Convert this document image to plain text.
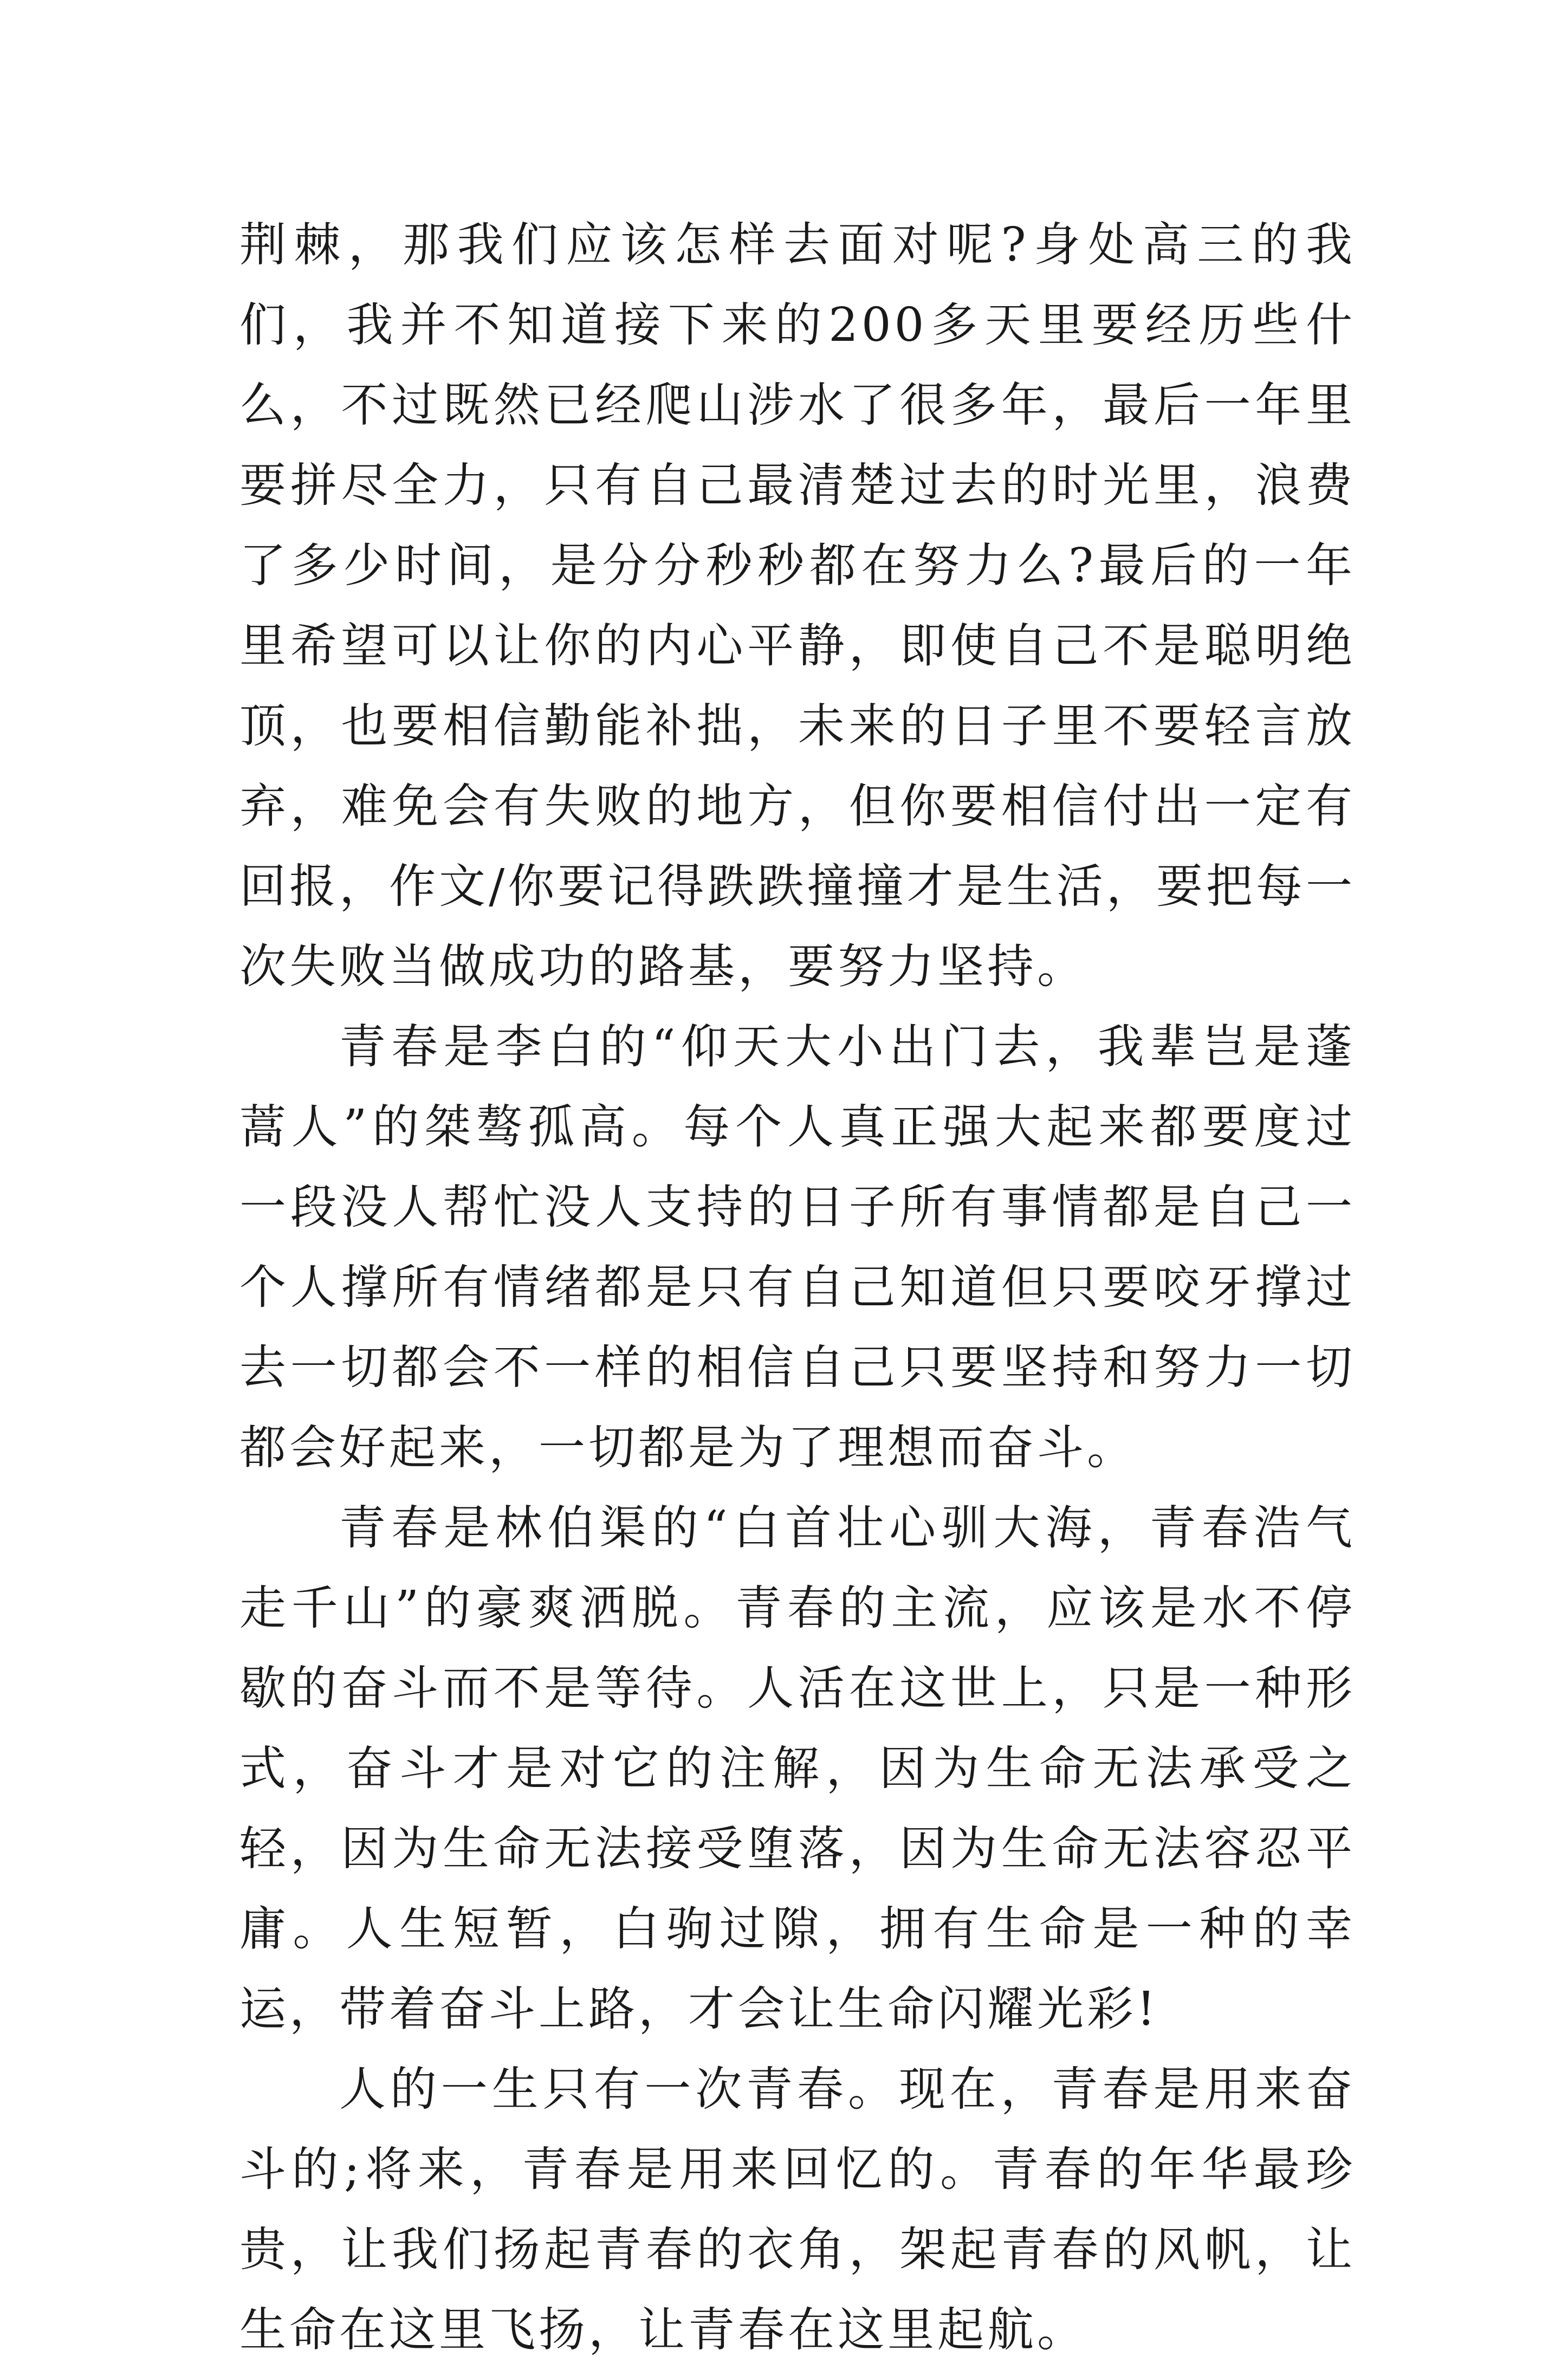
荆棘，那我们应该怎样去面对呢?身处高三的我们，我并不知道接下来的200多天里要经历些什么，不过既然已经爬山涉水了很多年，最后一年里要拼尽全力，只有自己最清楚过去的时光里，浪费了多少时间，是分分秒秒都在努力么?最后的一年里希望可以让你的内心平静，即使自己不是聪明绝顶，也要相信勤能补拙，未来的日子里不要轻言放弃，难免会有失败的地方，但你要相信付出一定有回报，作文/你要记得跌跌撞撞才是生活，要把每一次失败当做成功的路基，要努力坚持。

青春是李白的“仰天大小出门去，我辈岂是蓬蒿人”的桀骜孤高。每个人真正强大起来都要度过一段没人帮忙没人支持的日子所有事情都是自己一个人撑所有情绪都是只有自己知道但只要咬牙撑过去一切都会不一样的相信自己只要坚持和努力一切都会好起来，一切都是为了理想而奋斗。

青春是林伯渠的“白首壮心驯大海，青春浩气走千山”的豪爽洒脱。青春的主流，应该是水不停歇的奋斗而不是等待。人活在这世上，只是一种形式，奋斗才是对它的注解，因为生命无法承受之轻，因为生命无法接受堕落，因为生命无法容忍平庸。人生短暂，白驹过隙，拥有生命是一种的幸运，带着奋斗上路，才会让生命闪耀光彩!

人的一生只有一次青春。现在，青春是用来奋斗的;将来，青春是用来回忆的。青春的年华最珍贵，让我们扬起青春的衣角，架起青春的风帆，让生命在这里飞扬，让青春在这里起航。
